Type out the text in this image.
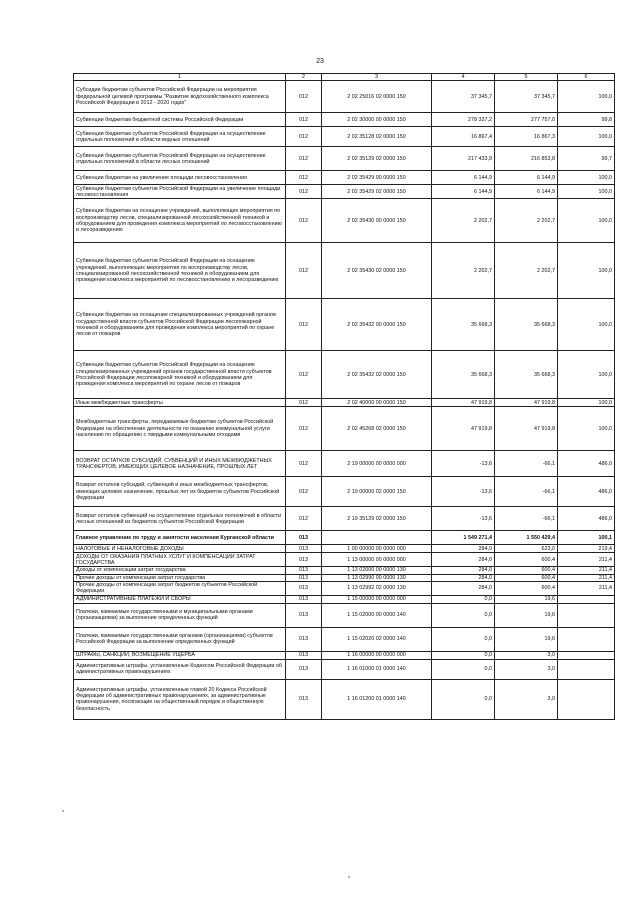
23
1	2	3	4	5	6
Субсидии бюджетам субъектов Российской Федерации на мероприятия федеральной целевой программы "Развитие водохозяйственного комплекса Российской Федерации в 2012 - 2020 годах"	012	2 02 25016 02 0000 150	37 345,7	37 345,7	100,0
Субвенции бюджетам бюджетной системы Российской Федерации	012	2 02 30000 00 0000 150	278 337,2	277 757,0	99,8
Субвенции бюджетам субъектов Российской Федерации на осуществление отдельных полномочий в области водных отношений	012	2 02 35128 02 0000 150	16 867,4	16 867,3	100,0
Субвенции бюджетам субъектов Российской Федерации на осуществление отдельных полномочий в области лесных отношений	012	2 02 35129 02 0000 150	217 433,9	216 853,8	99,7
Субвенции бюджетам на увеличение площади лесовосстановления	012	2 02 35429 00 0000 150	6 144,9	6 144,9	100,0
Субвенции бюджетам субъектов Российской Федерации на увеличение площади лесовосстановления	012	2 02 35429 02 0000 150	6 144,9	6 144,9	100,0
Субвенции бюджетам на оснащение учреждений, выполняющих мероприятия по воспроизводству лесов, специализированной лесохозяйственной техникой и оборудованием для проведения комплекса мероприятий по лесовосстановлению и лесоразведению	012	2 02 35430 00 0000 150	2 202,7	2 202,7	100,0
Субвенции бюджетам субъектов Российской Федерации на оснащение учреждений, выполняющих мероприятия по воспроизводству лесов, специализированной лесохозяйственной техникой и оборудованием для проведения комплекса мероприятий по лесовосстановлению и лесоразведению	012	2 02 35430 02 0000 150	2 202,7	2 202,7	100,0
Субвенции бюджетам на оснащение специализированных учреждений органов государственной власти субъектов Российской Федерации лесопожарной техникой и оборудованием для проведения комплекса мероприятий по охране лесов от пожаров	012	2 02 35432 00 0000 150	35 668,3	35 668,3	100,0
Субвенции бюджетам субъектов Российской Федерации на оснащение специализированных учреждений органов государственной власти субъектов Российской Федерации лесопожарной техникой и оборудованием для проведения комплекса мероприятий по охране лесов от пожаров	012	2 02 35432 02 0000 150	35 668,3	35 668,3	100,0
Иные межбюджетные трансферты	012	2 02 40000 00 0000 150	47 919,8	47 919,8	100,0
Межбюджетные трансферты, передаваемые бюджетам субъектов Российской Федерации на обеспечение деятельности по оказанию коммунальной услуги населению по обращению с твердыми коммунальными отходами	012	2 02 45268 02 0000 150	47 919,8	47 919,8	100,0
ВОЗВРАТ ОСТАТКОВ СУБСИДИЙ, СУБВЕНЦИЙ И ИНЫХ МЕЖБЮДЖЕТНЫХ ТРАНСФЕРТОВ, ИМЕЮЩИХ ЦЕЛЕВОЕ НАЗНАЧЕНИЕ, ПРОШЛЫХ ЛЕТ	012	2 19 00000 00 0000 000	-13,6	-66,1	486,0
Возврат остатков субсидий, субвенций и иных межбюджетных трансфертов, имеющих целевое назначение, прошлых лет из бюджетов субъектов Российской Федерации	012	2 19 00000 02 0000 150	-13,6	-66,1	486,0
Возврат остатков субвенций на осуществление отдельных полномочий в области лесных отношений из бюджетов субъектов Российской Федерации	012	2 19 35129 02 0000 150	-13,6	-66,1	486,0
Главное управление по труду и занятости населения Курганской области	013		1 549 271,4	1 550 429,4	100,1
НАЛОГОВЫЕ И НЕНАЛОГОВЫЕ ДОХОДЫ	013	1 00 00000 00 0000 000	284,0	623,0	219,4
ДОХОДЫ ОТ ОКАЗАНИЯ ПЛАТНЫХ УСЛУГ И КОМПЕНСАЦИИ ЗАТРАТ ГОСУДАРСТВА	013	1 13 00000 00 0000 000	284,0	600,4	211,4
Доходы от компенсации затрат государства	013	1 13 02000 00 0000 130	284,0	600,4	211,4
Прочие доходы от компенсации затрат государства	013	1 13 02990 00 0000 130	284,0	600,4	211,4
Прочие доходы от компенсации затрат бюджетов субъектов Российской Федерации	013	1 13 02992 02 0000 130	284,0	600,4	211,4
АДМИНИСТРАТИВНЫЕ ПЛАТЕЖИ И СБОРЫ	013	1 15 00000 00 0000 000	0,0	19,6	
Платежи, взимаемые государственными и муниципальными органами (организациями) за выполнение определенных функций	013	1 15 02000 00 0000 140	0,0	19,6	
Платежи, взимаемые государственными органами (организациями) субъектов Российской Федерации за выполнение определенных функций	013	1 15 02020 02 0000 140	0,0	19,6	
ШТРАФЫ, САНКЦИИ, ВОЗМЕЩЕНИЕ УЩЕРБА	013	1 16 00000 00 0000 000	0,0	3,0	
Административные штрафы, установленные Кодексом Российской Федерации об административных правонарушениях	013	1 16 01000 01 0000 140	0,0	3,0	
Административные штрафы, установленные главой 20 Кодекса Российской Федерации об административных правонарушениях, за административные правонарушения, посягающие на общественный порядок и общественную безопасность	013	1 16 01200 01 0000 140	0,0	3,0	
